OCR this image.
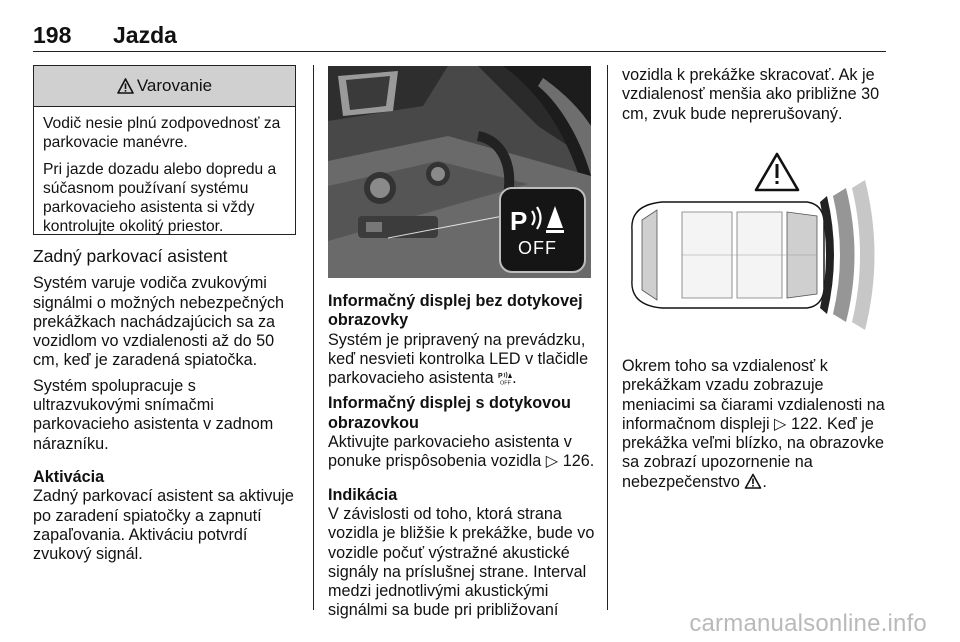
198 Jazda
Varovanie

Vodič nesie plnú zodpovednosť za parkovacie manévre.

Pri jazde dozadu alebo dopredu a súčasnom používaní systému parkovacieho asistenta si vždy kontrolujte okolitý priestor.

Zadný parkovací asistent

Systém varuje vodiča zvukovými signálmi o možných nebezpečných prekážkach nachádzajúcich sa za vozidlom vo vzdialenosti až do 50 cm, keď je zaradená spiatočka.

Systém spolupracuje s ultrazvukovými snímačmi parkovacieho asistenta v zadnom nárazníku.

Aktivácia

Zadný parkovací asistent sa aktivuje po zaradení spiatočky a zapnutí zapaľovania. Aktiváciu potvrdí zvukový signál.

P
OFF
Informačný displej bez dotykovej obrazovky

Systém je pripravený na prevádzku, keď nesvieti kontrolka LED v tlačidle parkovacieho asistenta P
OFF .

Informačný displej s dotykovou obrazovkou

Aktivujte parkovacieho asistenta v ponuke prispôsobenia vozidla ▷ 126.

Indikácia

V závislosti od toho, ktorá strana vozidla je bližšie k prekážke, bude vo vozidle počuť výstražné akustické signály na príslušnej strane. Interval medzi jednotlivými akustickými signálmi sa bude pri približovaní

vozidla k prekážke skracovať. Ak je vzdialenosť menšia ako približne 30 cm, zvuk bude neprerušovaný.

Okrem toho sa vzdialenosť k prekážkam vzadu zobrazuje meniacimi sa čiarami vzdialenosti na informačnom displeji ▷ 122. Keď je prekážka veľmi blízko, na obrazovke sa zobrazí upozornenie na nebezpečenstvo .

carmanualsonline.info
